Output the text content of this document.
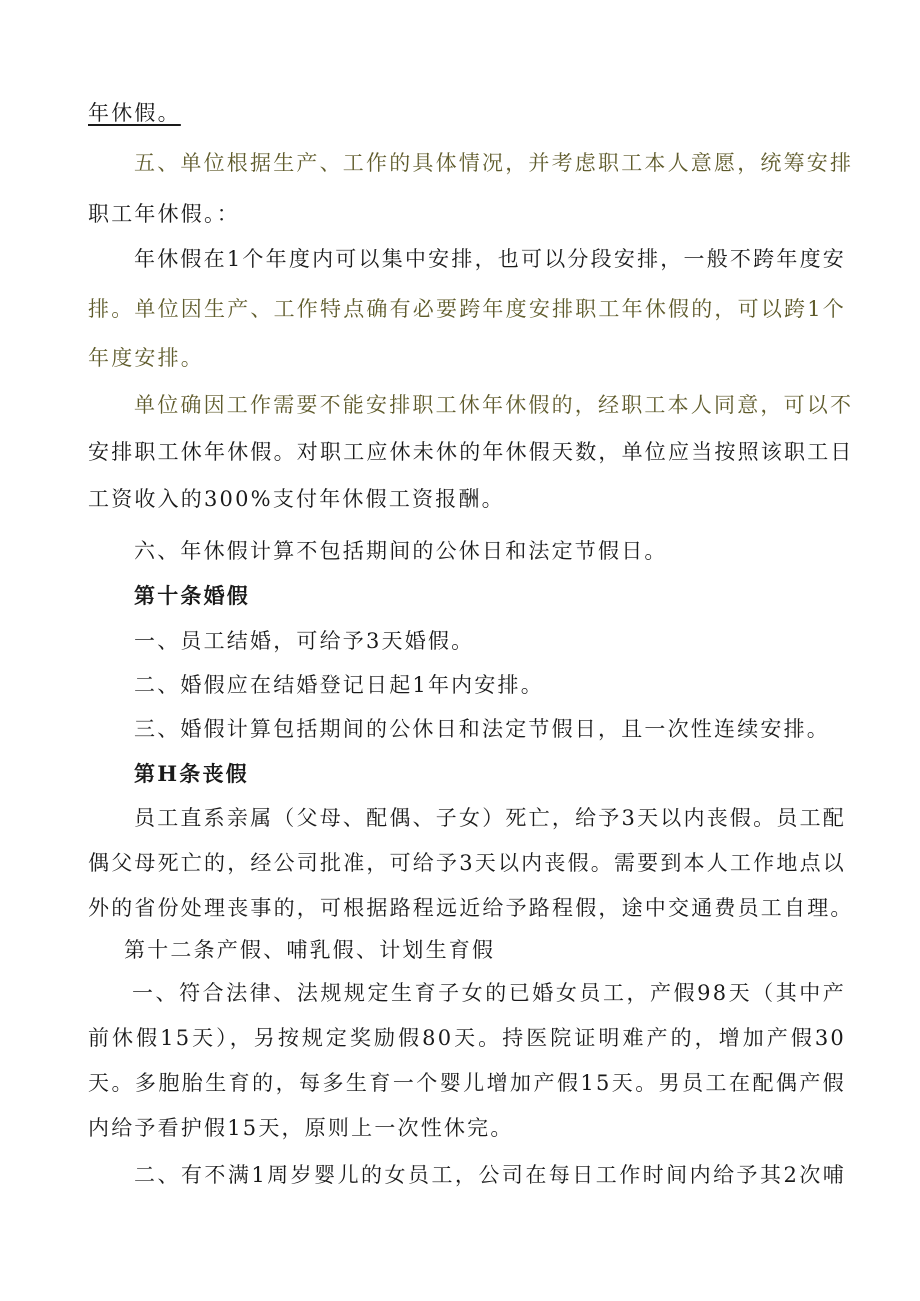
年休假。
五、单位根据生产、工作的具体情况，并考虑职工本人意愿，统筹安排
职工年休假。：
年休假在1个年度内可以集中安排，也可以分段安排，一般不跨年度安
排。单位因生产、工作特点确有必要跨年度安排职工年休假的，可以跨1个
年度安排。
单位确因工作需要不能安排职工休年休假的，经职工本人同意，可以不
安排职工休年休假。对职工应休未休的年休假天数，单位应当按照该职工日
工资收入的300%支付年休假工资报酬。
六、年休假计算不包括期间的公休日和法定节假日。
第十条婚假
一、员工结婚，可给予3天婚假。
二、婚假应在结婚登记日起1年内安排。
三、婚假计算包括期间的公休日和法定节假日，且一次性连续安排。
第H条丧假
员工直系亲属（父母、配偶、子女）死亡，给予3天以内丧假。员工配
偶父母死亡的，经公司批准，可给予3天以内丧假。需要到本人工作地点以
外的省份处理丧事的，可根据路程远近给予路程假，途中交通费员工自理。
第十二条产假、哺乳假、计划生育假
一、符合法律、法规规定生育子女的已婚女员工，产假98天（其中产
前休假15天），另按规定奖励假80天。持医院证明难产的，增加产假30
天。多胞胎生育的，每多生育一个婴儿增加产假15天。男员工在配偶产假
内给予看护假15天，原则上一次性休完。
二、有不满1周岁婴儿的女员工，公司在每日工作时间内给予其2次哺
